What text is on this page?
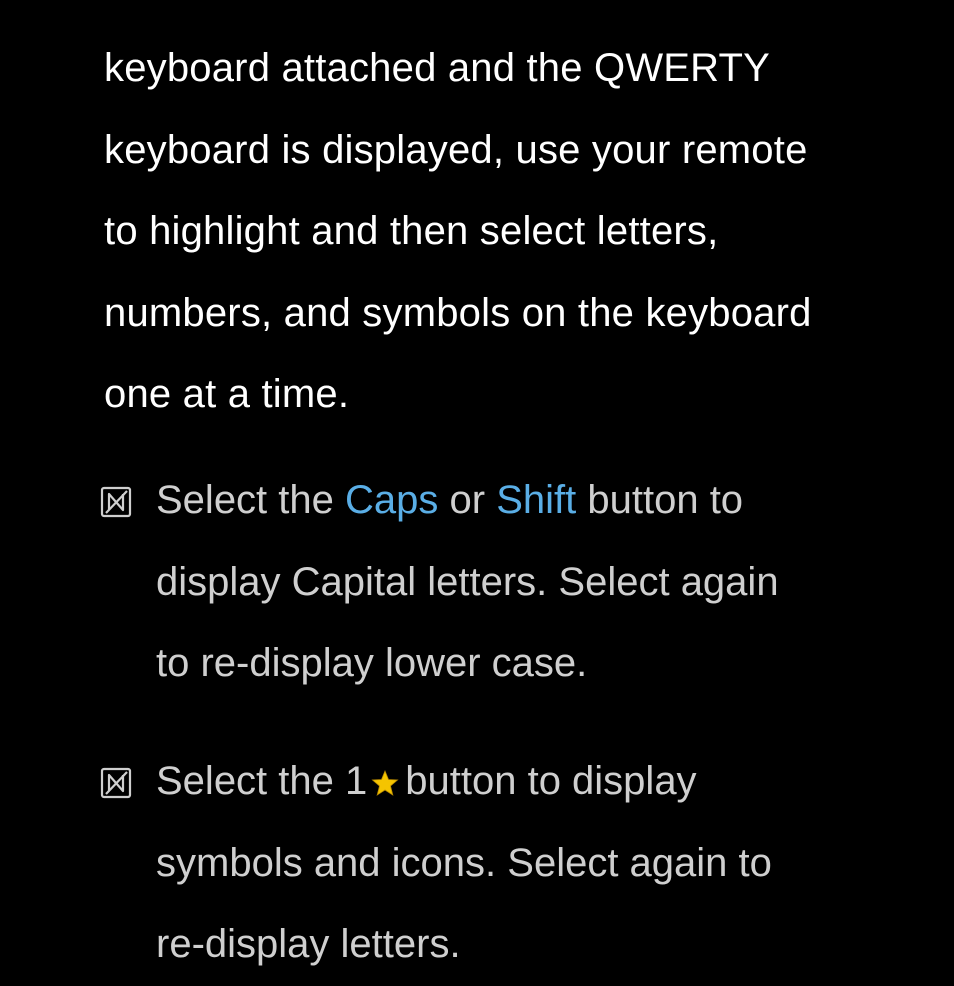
keyboard attached and the QWERTY
keyboard is displayed, use your remote
to highlight and then select letters,
numbers, and symbols on the keyboard
one at a time.
Select the Caps or Shift button to
display Capital letters. Select again
to re-display lower case.
Select the 1 button to display
symbols and icons. Select again to
re-display letters.
